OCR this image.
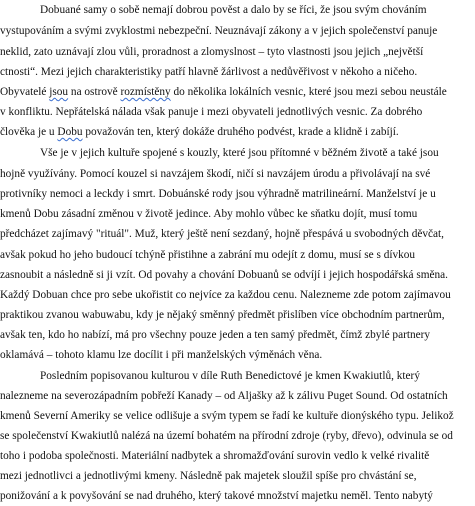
Dobuané samy o sobě nemají dobrou pověst a dalo by se říci, že jsou svým chováním
vystupováním a svými zvyklostmi nebezpeční. Neuznávají zákony a v jejich společenství panuje
neklid, zato uznávají zlou vůli, proradnost a zlomyslnost – tyto vlastnosti jsou jejich „největší
ctnosti“. Mezi jejich charakteristiky patří hlavně žárlivost a nedůvěřivost v někoho a ničeho.
Obyvatelé jsou na ostrově rozmístěny do několika lokálních vesnic, které jsou mezi sebou neustále
v konfliktu. Nepřátelská nálada však panuje i mezi obyvateli jednotlivých vesnic. Za dobrého
člověka je u Dobu považován ten, který dokáže druhého podvést, krade a klidně i zabíjí.
Vše je v jejich kultuře spojené s kouzly, které jsou přítomné v běžném životě a také jsou
hojně využívány. Pomocí kouzel si navzájem škodí, ničí si navzájem úrodu a přivolávají na své
protivníky nemoci a leckdy i smrt. Dobuánské rody jsou výhradně matrilineární. Manželství je u
kmenů Dobu zásadní změnou v životě jedince. Aby mohlo vůbec ke sňatku dojít, musí tomu
předcházet zajímavý "rituál". Muž, který ještě není sezdaný, hojně přespává u svobodných děvčat,
avšak pokud ho jeho budoucí tchýně přistihne a zabrání mu odejít z domu, musí se s dívkou
zasnoubit a následně si ji vzít. Od povahy a chování Dobuanů se odvíjí i jejich hospodářská směna.
Každý Dobuan chce pro sebe ukořistit co nejvíce za každou cenu. Nalezneme zde potom zajímavou
praktikou zvanou wabuwabu, kdy je nějaký směnný předmět přislíben více obchodním partnerům,
avšak ten, kdo ho nabízí, má pro všechny pouze jeden a ten samý předmět, čímž zbylé partnery
oklamává – tohoto klamu lze docílit i při manželských výměnách věna.
Posledním popisovanou kulturou v díle Ruth Benedictové je kmen Kwakiutlů, který
nalezneme na severozápadním pobřeží Kanady – od Aljašky až k zálivu Puget Sound. Od ostatních
kmenů Severní Ameriky se velice odlišuje a svým typem se řadí ke kultuře dionýského typu. Jelikož
se společenství Kwakiutlů nalézá na území bohatém na přírodní zdroje (ryby, dřevo), odvinula se od
toho i podoba společnosti. Materiální nadbytek a shromažďování surovin vedlo k velké rivalitě
mezi jednotlivci a jednotlivými kmeny. Následně pak majetek sloužil spíše pro chvástání se,
ponižování a k povyšování se nad druhého, který takové množství majetku neměl. Tento nabytý
